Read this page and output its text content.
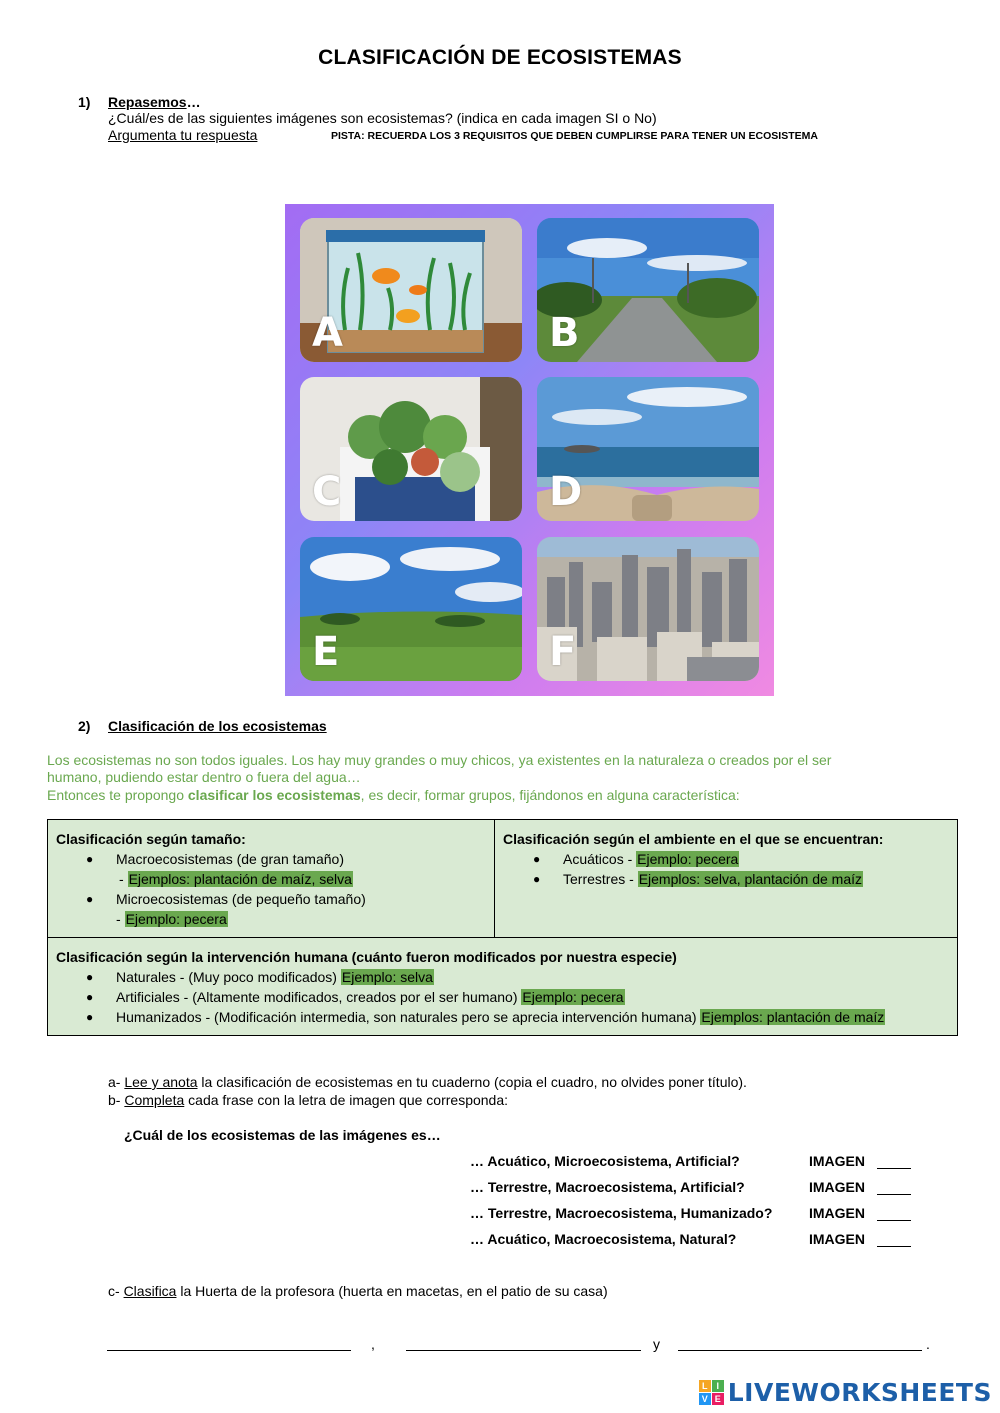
CLASIFICACIÓN DE ECOSISTEMAS
1) Repasemos…
¿Cuál/es de las siguientes imágenes son ecosistemas? (indica en cada imagen SI o No)
Argumenta tu respuesta	PISTA: RECUERDA LOS 3 REQUISITOS QUE DEBEN CUMPLIRSE PARA TENER UN ECOSISTEMA
A	B
C	D
E	F
2) Clasificación de los ecosistemas
Los ecosistemas no son todos iguales. Los hay muy grandes o muy chicos, ya existentes en la naturaleza o creados por el ser
humano, pudiendo estar dentro o fuera del agua…
Entonces te propongo clasificar los ecosistemas, es decir, formar grupos, fijándonos en alguna característica:
Clasificación según tamaño:
● Macroecosistemas (de gran tamaño)
- Ejemplos: plantación de maíz, selva
● Microecosistemas (de pequeño tamaño)
- Ejemplo: pecera

Clasificación según el ambiente en el que se encuentran:
● Acuáticos - Ejemplo: pecera
● Terrestres - Ejemplos: selva, plantación de maíz

Clasificación según la intervención humana (cuánto fueron modificados por nuestra especie)
● Naturales - (Muy poco modificados) Ejemplo: selva
● Artificiales - (Altamente modificados, creados por el ser humano) Ejemplo: pecera
● Humanizados - (Modificación intermedia, son naturales pero se aprecia intervención humana) Ejemplos: plantación de maíz
a- Lee y anota la clasificación de ecosistemas en tu cuaderno (copia el cuadro, no olvides poner título).
b- Completa cada frase con la letra de imagen que corresponda:
¿Cuál de los ecosistemas de las imágenes es…
… Acuático, Microecosistema, Artificial?	IMAGEN
… Terrestre, Macroecosistema, Artificial?	IMAGEN
… Terrestre, Macroecosistema, Humanizado?	IMAGEN
… Acuático, Macroecosistema, Natural?	IMAGEN
c- Clasifica la Huerta de la profesora (huerta en macetas, en el patio de su casa)
,	y	.
L I
V E LIVEWORKSHEETS
